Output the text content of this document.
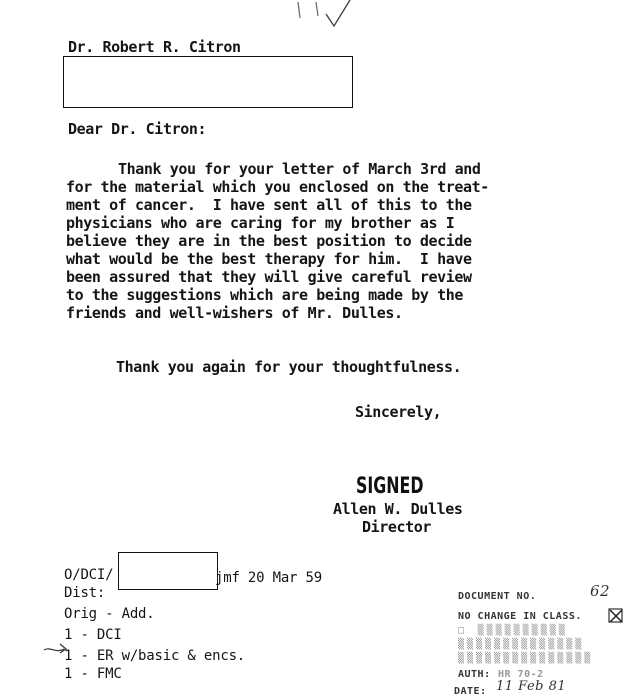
Dr. Robert R. Citron
Dear Dr. Citron:
Thank you for your letter of March 3rd and
for the material which you enclosed on the treat-
ment of cancer.  I have sent all of this to the
physicians who are caring for my brother as I
believe they are in the best position to decide
what would be the best therapy for him.  I have
been assured that they will give careful review
to the suggestions which are being made by the
friends and well-wishers of Mr. Dulles.
Thank you again for your thoughtfulness.
Sincerely,
SIGNED
Allen W. Dulles
Director
O/DCI/	jmf 20 Mar 59
Dist:
Orig - Add.
1 - DCI
1 - ER w/basic & encs.
1 - FMC
DOCUMENT NO.	62
NO CHANGE IN CLASS.
□  ▒▒▒▒▒▒▒▒▒▒
▒▒▒▒▒▒▒▒▒▒▒▒▒▒
▒▒▒▒▒▒▒▒▒▒▒▒▒▒▒
AUTH: HR 70-2
DATE: 11 Feb 81
